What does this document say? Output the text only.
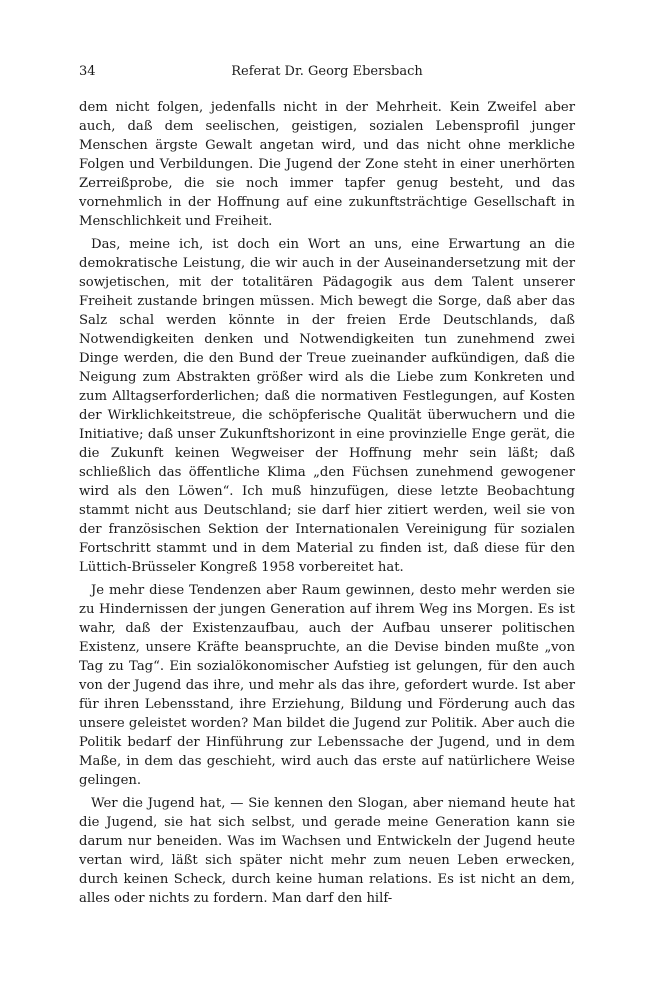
34	Referat Dr. Georg Ebersbach

dem nicht folgen, jedenfalls nicht in der Mehrheit. Kein Zweifel aber auch, daß dem seelischen, geistigen, sozialen Lebensprofil junger Menschen ärgste Gewalt angetan wird, und das nicht ohne merkliche Folgen und Verbildungen. Die Jugend der Zone steht in einer unerhörten Zerreißprobe, die sie noch immer tapfer genug besteht, und das vornehmlich in der Hoffnung auf eine zukunftsträchtige Gesellschaft in Menschlichkeit und Freiheit.

Das, meine ich, ist doch ein Wort an uns, eine Erwartung an die demokratische Leistung, die wir auch in der Auseinandersetzung mit der sowjetischen, mit der totalitären Pädagogik aus dem Talent unserer Freiheit zustande bringen müssen. Mich bewegt die Sorge, daß aber das Salz schal werden könnte in der freien Erde Deutschlands, daß Notwendigkeiten denken und Notwendigkeiten tun zunehmend zwei Dinge werden, die den Bund der Treue zueinander aufkündigen, daß die Neigung zum Abstrakten größer wird als die Liebe zum Konkreten und zum Alltagserforderlichen; daß die normativen Festlegungen, auf Kosten der Wirklichkeitstreue, die schöpferische Qualität überwuchern und die Initiative; daß unser Zukunftshorizont in eine provinzielle Enge gerät, die die Zukunft keinen Wegweiser der Hoffnung mehr sein läßt; daß schließlich das öffentliche Klima „den Füchsen zunehmend gewogener wird als den Löwen“. Ich muß hinzufügen, diese letzte Beobachtung stammt nicht aus Deutschland; sie darf hier zitiert werden, weil sie von der französischen Sektion der Internationalen Vereinigung für sozialen Fortschritt stammt und in dem Material zu finden ist, daß diese für den Lüttich-Brüsseler Kongreß 1958 vorbereitet hat.

Je mehr diese Tendenzen aber Raum gewinnen, desto mehr werden sie zu Hindernissen der jungen Generation auf ihrem Weg ins Morgen. Es ist wahr, daß der Existenzaufbau, auch der Aufbau unserer politischen Existenz, unsere Kräfte beanspruchte, an die Devise binden mußte „von Tag zu Tag“. Ein sozialökonomischer Aufstieg ist gelungen, für den auch von der Jugend das ihre, und mehr als das ihre, gefordert wurde. Ist aber für ihren Lebensstand, ihre Erziehung, Bildung und Förderung auch das unsere geleistet worden? Man bildet die Jugend zur Politik. Aber auch die Politik bedarf der Hinführung zur Lebenssache der Jugend, und in dem Maße, in dem das geschieht, wird auch das erste auf natürlichere Weise gelingen.

Wer die Jugend hat, — Sie kennen den Slogan, aber niemand heute hat die Jugend, sie hat sich selbst, und gerade meine Generation kann sie darum nur beneiden. Was im Wachsen und Entwickeln der Jugend heute vertan wird, läßt sich später nicht mehr zum neuen Leben erwecken, durch keinen Scheck, durch keine human relations. Es ist nicht an dem, alles oder nichts zu fordern. Man darf den hilf-
